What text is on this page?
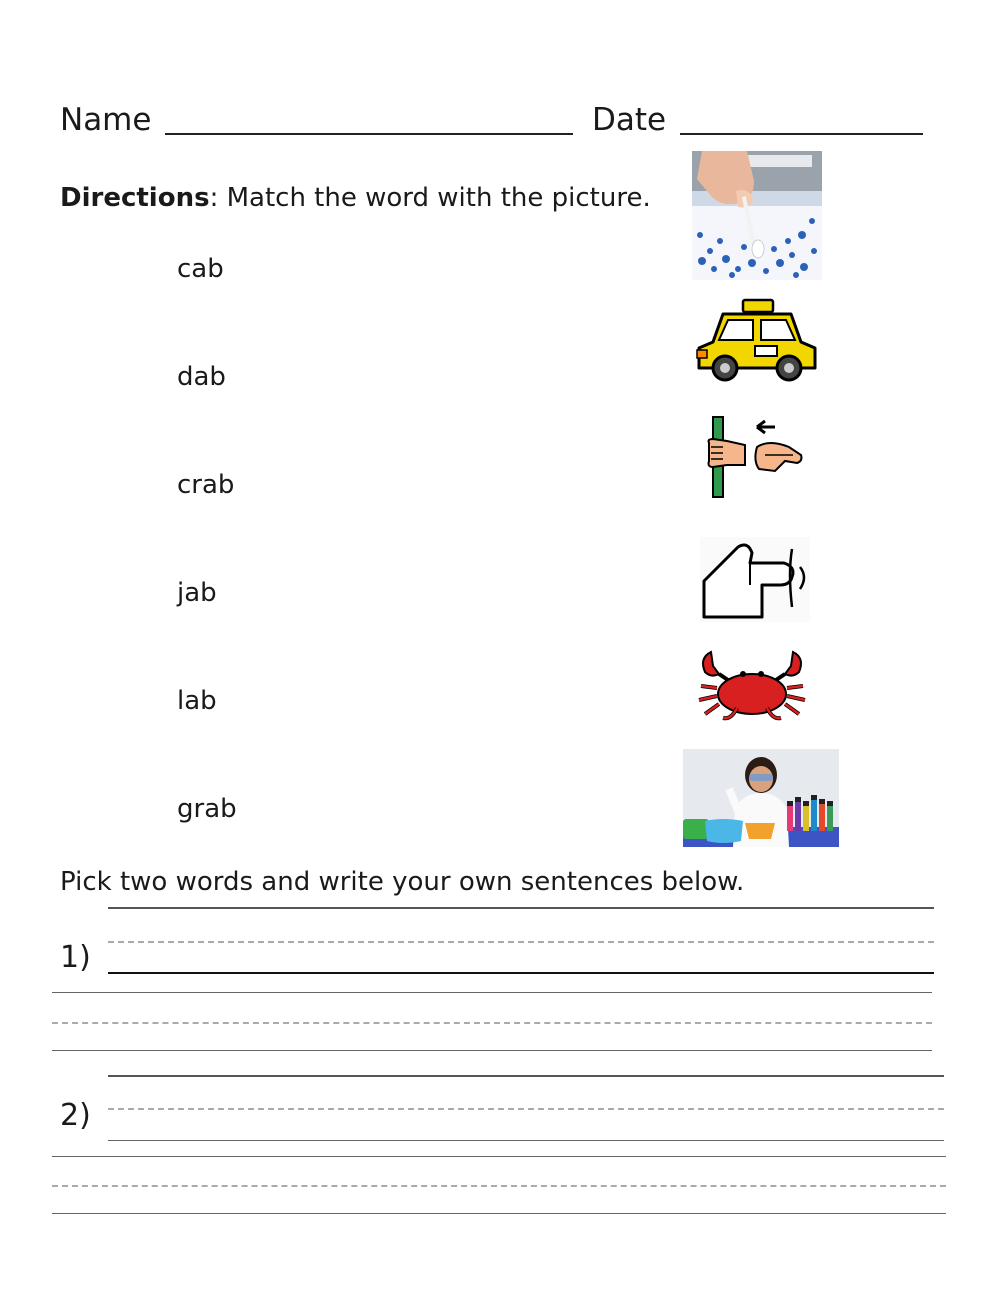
Name	Date
Directions: Match the word with the picture.
cab
dab
crab
jab
lab
grab
Pick two words and write your own sentences below.
1)
2)
